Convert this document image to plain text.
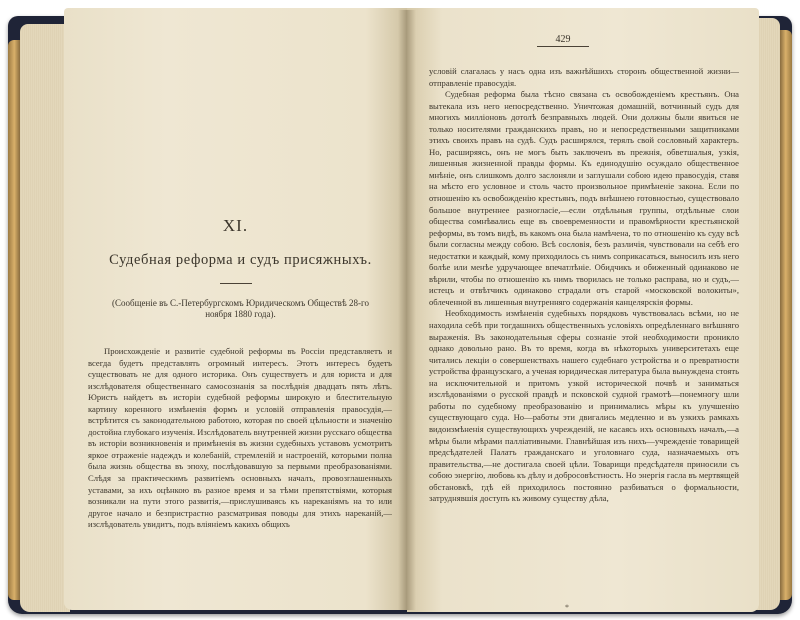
XI.
Судебная реформа и судъ присяжныхъ.
(Сообщеніе въ С.-Петербургскомъ Юридическомъ Обществѣ 28-го ноября 1880 года).

Происхожденіе и развитіе судебной реформы въ Россіи представляетъ и всегда будетъ представлять огромный интересъ. Этотъ интересъ будетъ существовать не для одного историка. Онъ существуетъ и для юриста и для изслѣдователя общественнаго самосознанія за послѣднія двадцать пять лѣтъ. Юристъ найдетъ въ исторіи судебной реформы широкую и блестительную картину коренного измѣненія формъ и условій отправленія правосудія,—встрѣтится съ законодательною работою, которая по своей цѣльности и значенію достойна глубокаго изученія. Изслѣдователь внутренней жизни русскаго общества въ исторіи возникновенія и примѣненія въ жизни судебныхъ уставовъ усмотритъ яркое отраженіе надеждъ и колебаній, стремленій и настроеній, которыми полна была жизнь общества въ эпоху, послѣдовавшую за первыми преобразованіями. Слѣдя за практическимъ развитіемъ основныхъ началъ, провозглашенныхъ уставами, за ихъ оцѣнкою въ разное время и за тѣми препятствіями, которыя возникали на пути этого развитія,—прислушиваясь къ нареканіямъ на то или другое начало и безпристрастно разсматривая поводы для этихъ нареканій,—изслѣдователь увидитъ, подъ вліяніемъ какихъ общихъ

429

условій слагалась у насъ одна изъ важнѣйшихъ сторонъ общественной жизни—отправленіе правосудія.

Судебная реформа была тѣсно связана съ освобожденіемъ крестьянъ. Она вытекала изъ него непосредственно. Уничтожая домашній, вотчинный судъ для многихъ милліоновъ дотолѣ безправныхъ людей. Они должны были явиться не только носителями гражданскихъ правъ, но и непосредственными защитниками этихъ своихъ правъ на судѣ. Судъ расширялся, терялъ свой сословный характеръ. Но, расширяясь, онъ не могъ быть заключенъ въ прежнія, обветшалыя, узкія, лишенныя жизненной правды формы. Къ единодушію осуждало общественное мнѣніе, онъ слишкомъ долго заслоняли и заглушали собою идею правосудія, ставя на мѣсто его условное и столь часто произвольное примѣненіе закона. Если по отношенію къ освобожденію крестьянъ, подъ внѣшнею готовностью, существовало большое внутреннее разногласіе,—если отдѣльныя группы, отдѣльные слои общества сомнѣвались еще въ своевременности и правомѣрности крестьянской реформы, въ томъ видѣ, въ какомъ она была намѣчена, то по отношенію къ суду всѣ были согласны между собою. Всѣ сословія, безъ различія, чувствовали на себѣ его недостатки и каждый, кому приходилось съ нимъ соприкасаться, выносилъ изъ него болѣе или менѣе удручающее впечатлѣніе. Обидчикъ и обиженный одинаково не вѣрили, чтобы по отношенію къ нимъ творилась не только расправа, но и судъ,—истецъ и отвѣтчикъ одинаково страдали отъ старой «московской волокиты», облеченной въ лишенныя внутренняго содержанія канцелярскія формы.

Необходимость измѣненія судебныхъ порядковъ чувствовалась всѣми, но не находила себѣ при тогдашнихъ общественныхъ условіяхъ опредѣленнаго внѣшняго выраженія. Въ законодательныя сферы сознаніе этой необходимости проникло однако довольно рано. Въ то время, когда въ нѣкоторыхъ университетахъ еще читались лекціи о совершенствахъ нашего судебнаго устройства и о превратности устройства французскаго, а ученая юридическая литература была вынуждена стоять на исключительной и притомъ узкой исторической почвѣ и заниматься изслѣдованіями о русской правдѣ и псковской судной грамотѣ—понемногу шли работы по судебному преобразованію и принимались мѣры къ улучшенію существующаго суда. Но—работы эти двигались медленно и въ узкихъ рамкахъ видоизмѣненія существующихъ учрежденій, не касаясь ихъ основныхъ началъ,—а мѣры были мѣрами паллiативными. Главнѣйшая изъ нихъ—учрежденіе товарищей предсѣдателей Палатъ гражданскаго и уголовнаго суда, назначаемыхъ отъ правительства,—не достигала своей цѣли. Товарищи предсѣдателя приносили съ собою энергію, любовь къ дѣлу и добросовѣстность. Но энергія гасла въ мертвящей обстановкѣ, гдѣ ей приходилось постоянно разбиваться о формальности, затруднявшія доступъ къ живому существу дѣла,

*
